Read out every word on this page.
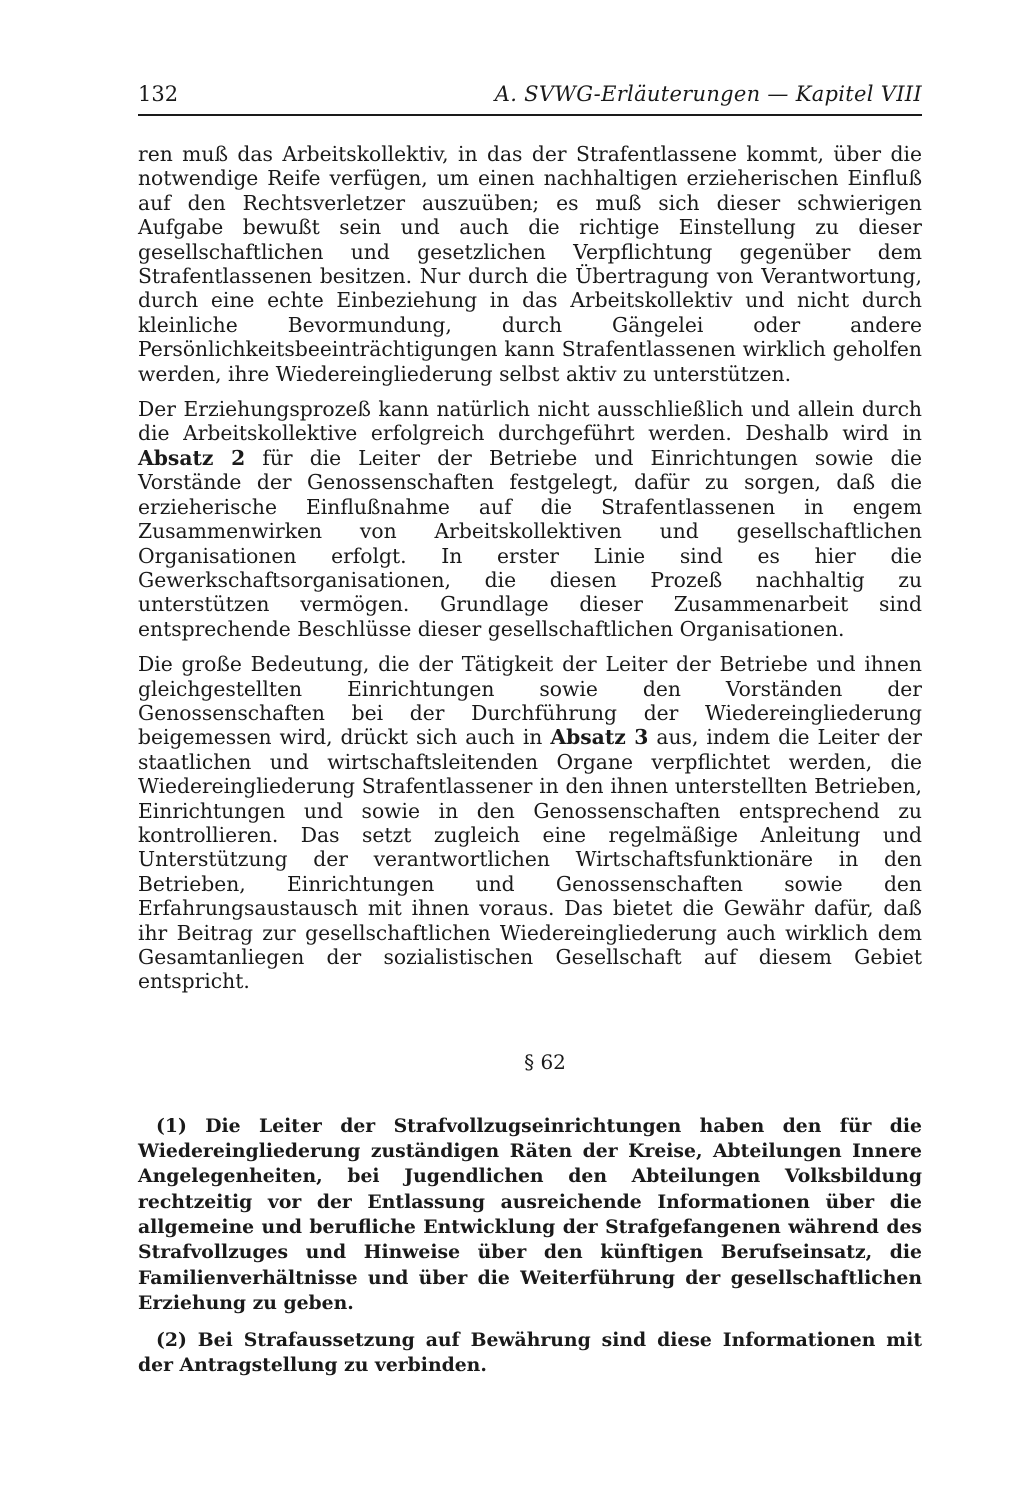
132	A. SVWG-Erläuterungen — Kapitel VIII

ren muß das Arbeitskollektiv, in das der Strafentlassene kommt, über die notwendige Reife verfügen, um einen nachhaltigen erzieherischen Einfluß auf den Rechtsverletzer auszuüben; es muß sich dieser schwierigen Aufgabe bewußt sein und auch die richtige Einstellung zu dieser gesellschaftlichen und gesetzlichen Verpflichtung gegenüber dem Strafentlassenen besitzen. Nur durch die Übertragung von Verantwortung, durch eine echte Einbeziehung in das Arbeitskollektiv und nicht durch kleinliche Bevormundung, durch Gängelei oder andere Persönlichkeitsbeeinträchtigungen kann Strafentlassenen wirklich geholfen werden, ihre Wiedereingliederung selbst aktiv zu unterstützen.

Der Erziehungsprozeß kann natürlich nicht ausschließlich und allein durch die Arbeitskollektive erfolgreich durchgeführt werden. Deshalb wird in Absatz 2 für die Leiter der Betriebe und Einrichtungen sowie die Vorstände der Genossenschaften festgelegt, dafür zu sorgen, daß die erzieherische Einflußnahme auf die Strafentlassenen in engem Zusammenwirken von Arbeitskollektiven und gesellschaftlichen Organisationen erfolgt. In erster Linie sind es hier die Gewerkschaftsorganisationen, die diesen Prozeß nachhaltig zu unterstützen vermögen. Grundlage dieser Zusammenarbeit sind entsprechende Beschlüsse dieser gesellschaftlichen Organisationen.

Die große Bedeutung, die der Tätigkeit der Leiter der Betriebe und ihnen gleichgestellten Einrichtungen sowie den Vorständen der Genossenschaften bei der Durchführung der Wiedereingliederung beigemessen wird, drückt sich auch in Absatz 3 aus, indem die Leiter der staatlichen und wirtschaftsleitenden Organe verpflichtet werden, die Wiedereingliederung Strafentlassener in den ihnen unterstellten Betrieben, Einrichtungen und sowie in den Genossenschaften entsprechend zu kontrollieren. Das setzt zugleich eine regelmäßige Anleitung und Unterstützung der verantwortlichen Wirtschaftsfunktionäre in den Betrieben, Einrichtungen und Genossenschaften sowie den Erfahrungsaustausch mit ihnen voraus. Das bietet die Gewähr dafür, daß ihr Beitrag zur gesellschaftlichen Wiedereingliederung auch wirklich dem Gesamtanliegen der sozialistischen Gesellschaft auf diesem Gebiet entspricht.

§ 62

(1) Die Leiter der Strafvollzugseinrichtungen haben den für die Wiedereingliederung zuständigen Räten der Kreise, Abteilungen Innere Angelegenheiten, bei Jugendlichen den Abteilungen Volksbildung rechtzeitig vor der Entlassung ausreichende Informationen über die allgemeine und berufliche Entwicklung der Strafgefangenen während des Strafvollzuges und Hinweise über den künftigen Berufseinsatz, die Familienverhältnisse und über die Weiterführung der gesellschaftlichen Erziehung zu geben.

(2) Bei Strafaussetzung auf Bewährung sind diese Informationen mit der Antragstellung zu verbinden.
